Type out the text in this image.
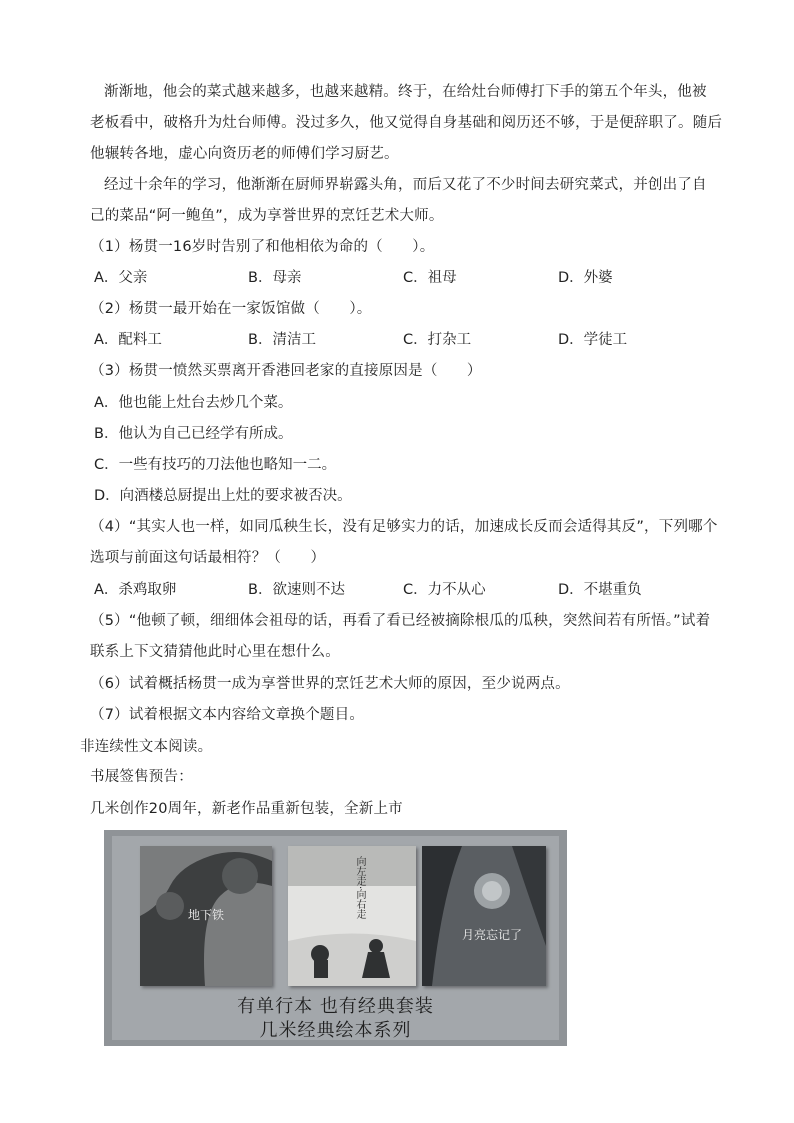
渐渐地，他会的菜式越来越多，也越来越精。终于，在给灶台师傅打下手的第五个年头，他被
老板看中，破格升为灶台师傅。没过多久，他又觉得自身基础和阅历还不够，于是便辞职了。随后
他辗转各地，虚心向资历老的师傅们学习厨艺。
经过十余年的学习，他渐渐在厨师界崭露头角，而后又花了不少时间去研究菜式，并创出了自
己的菜品“阿一鲍鱼”，成为享誉世界的烹饪艺术大师。
（1）杨贯一16岁时告别了和他相依为命的（　　）。
A．父亲	B．母亲	C．祖母	D．外婆
（2）杨贯一最开始在一家饭馆做（　　）。
A．配料工	B．清洁工	C．打杂工	D．学徒工
（3）杨贯一愤然买票离开香港回老家的直接原因是（　　）
A．他也能上灶台去炒几个菜。
B．他认为自己已经学有所成。
C．一些有技巧的刀法他也略知一二。
D．向酒楼总厨提出上灶的要求被否决。
（4）“其实人也一样，如同瓜秧生长，没有足够实力的话，加速成长反而会适得其反”，下列哪个
选项与前面这句话最相符？（　　）
A．杀鸡取卵	B．欲速则不达	C．力不从心	D．不堪重负
（5）“他顿了顿，细细体会祖母的话，再看了看已经被摘除根瓜的瓜秧，突然间若有所悟。”试着
联系上下文猜猜他此时心里在想什么。
（6）试着概括杨贯一成为享誉世界的烹饪艺术大师的原因，至少说两点。
（7）试着根据文本内容给文章换个题目。
非连续性文本阅读。
书展签售预告：
几米创作20周年，新老作品重新包装，全新上市
地下铁	向左走·向右走
月亮忘记了
有单行本 也有经典套装
几米经典绘本系列
